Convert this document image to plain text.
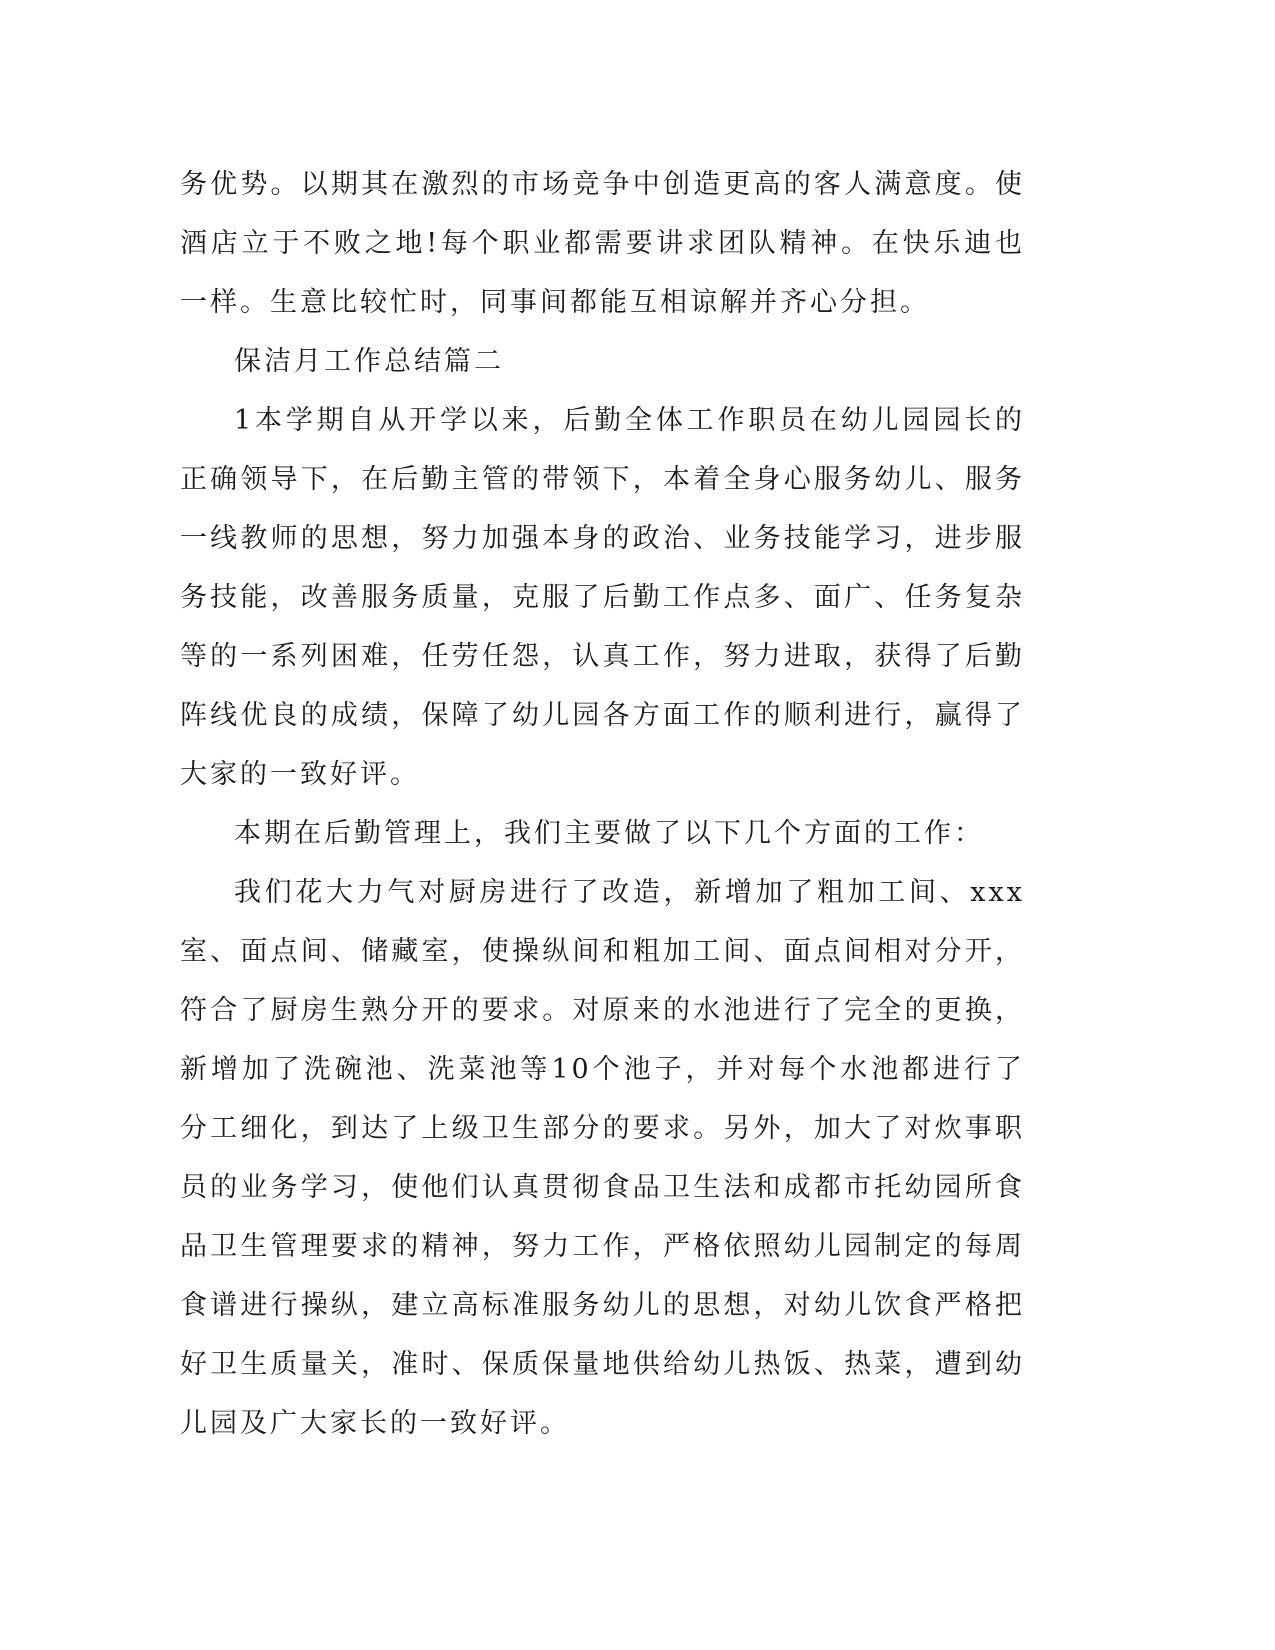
务优势。以期其在激烈的市场竞争中创造更高的客人满意度。使酒店立于不败之地!每个职业都需要讲求团队精神。在快乐迪也一样。生意比较忙时，同事间都能互相谅解并齐心分担。

保洁月工作总结篇二

1本学期自从开学以来，后勤全体工作职员在幼儿园园长的正确领导下，在后勤主管的带领下，本着全身心服务幼儿、服务一线教师的思想，努力加强本身的政治、业务技能学习，进步服务技能，改善服务质量，克服了后勤工作点多、面广、任务复杂等的一系列困难，任劳任怨，认真工作，努力进取，获得了后勤阵线优良的成绩，保障了幼儿园各方面工作的顺利进行，赢得了大家的一致好评。

本期在后勤管理上，我们主要做了以下几个方面的工作：

我们花大力气对厨房进行了改造，新增加了粗加工间、xxx室、面点间、储藏室，使操纵间和粗加工间、面点间相对分开，符合了厨房生熟分开的要求。对原来的水池进行了完全的更换，新增加了洗碗池、洗菜池等10个池子，并对每个水池都进行了分工细化，到达了上级卫生部分的要求。另外，加大了对炊事职员的业务学习，使他们认真贯彻食品卫生法和成都市托幼园所食品卫生管理要求的精神，努力工作，严格依照幼儿园制定的每周食谱进行操纵，建立高标准服务幼儿的思想，对幼儿饮食严格把好卫生质量关，准时、保质保量地供给幼儿热饭、热菜，遭到幼儿园及广大家长的一致好评。
